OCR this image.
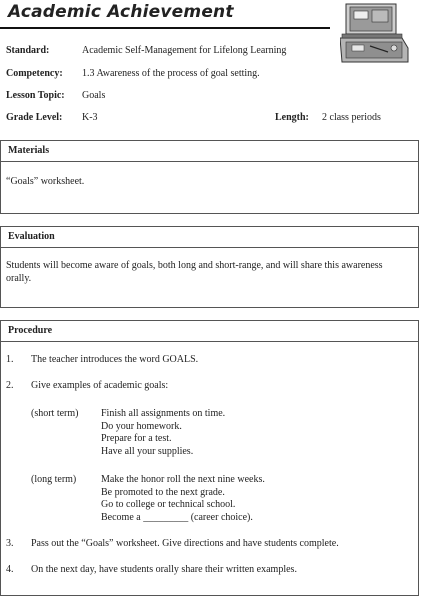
Academic Achievement
Standard:	Academic Self-Management for Lifelong Learning
Competency: 1.3 Awareness of the process of goal setting.
Lesson Topic: Goals
Grade Level: K-3	Length: 2 class periods
Materials
“Goals” worksheet.
Evaluation
Students will become aware of goals, both long and short-range, and will share this awareness
orally.
Procedure
1. The teacher introduces the word GOALS.
2. Give examples of academic goals:
(short term) Finish all assignments on time.
Do your homework.
Prepare for a test.
Have all your supplies.
(long term) Make the honor roll the next nine weeks.
Be promoted to the next grade.
Go to college or technical school.
Become a _________ (career choice).
3. Pass out the “Goals” worksheet. Give directions and have students complete.
4. On the next day, have students orally share their written examples.
